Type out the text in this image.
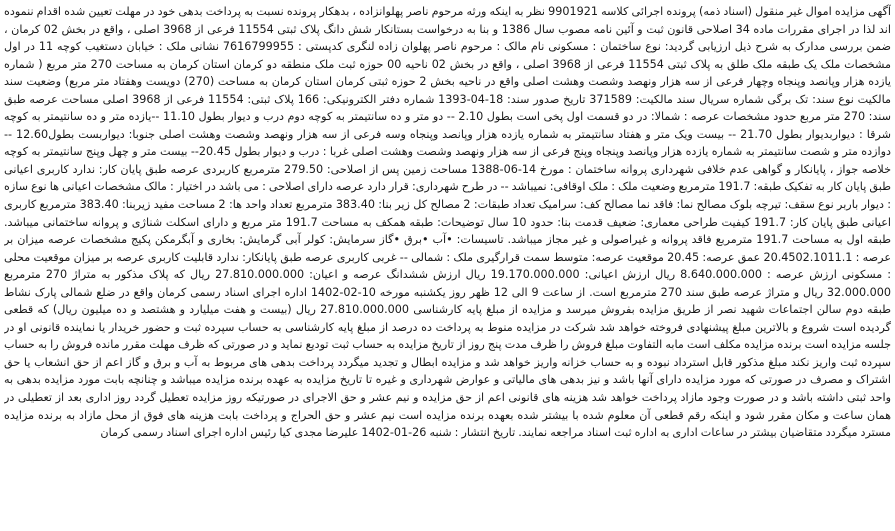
آگهی مزایده اموال غیر منقول (اسناد ذمه) پرونده اجرائی کلاسه 9901921 نظر به اینکه ورثه مرحوم ناصر پهلوانزاده ، بدهکار پرونده نسبت به پرداخت بدهی خود در مهلت تعیین شده اقدام ننموده اند لذا در اجرای مقررات ماده 34 اصلاحی قانون ثبت و آئین نامه مصوب سال 1386 و بنا به درخواست بستانکار شش دانگ پلاک ثبتی 11554 فرعی از 3968 اصلی ، واقع در بخش 02 کرمان ، ضمن بررسی مدارک به شرح ذیل ارزیابی گردید: نوع ساختمان : مسکونی نام مالک : مرحوم ناصر پهلوان زاده لنگری کدپستی : 7616799955 نشانی ملک : خیابان دستغیب کوچه 11 در اول مشخصات ملک یک طبقه ملک طلق به پلاک ثبتی 11554 فرعی از 3968 اصلی ، واقع در بخش 02 ناحیه 00 حوزه ثبت ملک منطقه دو کرمان استان کرمان به مساحت 270 متر مربع ( شماره یازده هزار وپانصد وپنجاه وچهار فرعی از سه هزار ونهصد وشصت وهشت اصلی واقع در ناحیه بخش 2 حوزه ثبتی کرمان استان کرمان به مساحت (270) دویست وهفتاد متر مربع) وضعیت سند مالکیت نوع سند: تک برگی شماره سریال سند مالکیت: 371589 تاریخ صدور سند: 18-04-1393 شماره دفتر الکترونیکی: 166 پلاک ثبتی: 11554 فرعی از 3968 اصلی مساحت عرصه طبق سند: 270 متر مربع حدود مشخصات عرصه : شمالا: در دو قسمت اول پخی است بطول 2.10 -- دو متر و ده سانتیمتر به کوچه دوم درب و دیوار بطول 11.10 --یازده متر و ده سانتیمتر به کوچه شرقا : دیواربدیوار بطول 21.70 -- بیست ویک متر و هفتاد سانتیمتر به شماره یازده هزار وپانصد وپنجاه وسه فرعی از سه هزار ونهصد وشصت وهشت اصلی جنوبا: دیواربست بطول12.60 -- دوازده متر و شصت سانتیمتر به شماره یازده هزار وپانصد وپنجاه وپنج فرعی از سه هزار ونهصد وشصت وهشت اصلی غربا : درب و دیوار بطول 20.45-- بیست متر و چهل وپنج سانتیمتر به کوچه خلاصه جواز ، پایانکار و گواهی عدم خلافی شهرداری پروانه ساختمان : مورخ 14-06-1388 مساحت زمین پس از اصلاحی: 279.50 مترمربع کاربردی عرصه طبق پایان کار: ندارد کاربری اعیانی طبق پایان کار به تفکیک طبقه: 191.7 مترمربع وضعیت ملک : ملک اوقافی: نمیباشد -- در طرح شهرداری: قرار دارد عرصه دارای اصلاحی : می باشد در اختیار : مالک مشخصات اعیانی ها نوع سازه : دیوار باربر نوع سقف: تیرچه بلوک مصالح نما: فاقد نما مصالح کف: سرامیک تعداد طبقات: 2 مصالح کل زیر بنا: 383.40 مترمربع تعداد واحد ها: 2 مساحت مفید زیربنا: 383.40 مترمربع کاربری اعیانی طبق پایان کار: 191.7 کیفیت طراحی معماری: ضعیف قدمت بنا: حدود 10 سال توضیحات: طبقه همکف به مساحت 191.7 متر مربع و دارای اسکلت شناژی و پروانه ساختمانی میباشد. طبقه اول به مساحت 191.7 مترمربع فاقد پروانه و غیراصولی و غیر مجاز میباشد. تاسیسات: •آب •برق •گاز سرمایش: کولر آبی گرمایش: بخاری و آبگرمکن پکیج مشخصات عرصه میزان بر عرصه : 20.4502.1011.1 عمق عرصه: 20.45 موقعیت عرصه: متوسط سمت قرارگیری ملک : شمالی -- غربی کاربری عرصه طبق پایانکار: ندارد قابلیت کاربری عرصه بر میزان موقعیت محلی : مسکونی ارزش عرصه : 8.640.000.000 ریال ارزش اعیانی: 19.170.000.000 ریال ارزش ششدانگ عرصه و اعیان: 27.810.000.000 ریال که پلاک مذکور به متراژ 270 مترمربع 32.000.000 ریال و متراژ عرصه طبق سند 270 مترمربع است. از ساعت 9 الی 12 ظهر روز یکشنبه مورخه 10-02-1402 اداره اجرای اسناد رسمی کرمان واقع در ضلع شمالی پارک نشاط طبقه دوم سالن اجتماعات شهید نصر از طریق مزایده بفروش میرسد و مزایده از مبلغ پایه کارشناسی 27.810.000.000 ریال (بیست و هفت میلیارد و هشتصد و ده میلیون ریال) که قطعی گردیده است شروع و بالاترین مبلغ پیشنهادی فروخته خواهد شد شرکت در مزایده منوط به پرداخت ده درصد از مبلغ پایه کارشناسی به حساب سپرده ثبت و حضور خریدار یا نماینده قانونی او در جلسه مزایده است برنده مزایده مکلف است مابه التفاوت مبلغ فروش را ظرف مدت پنج روز از تاریخ مزایده به حساب ثبت تودیع نماید و در صورتی که ظرف مهلت مقرر مانده فروش را به حساب سپرده ثبت واریز نکند مبلغ مذکور قابل استرداد نبوده و به حساب خزانه واریز خواهد شد و مزایده ابطال و تجدید میگردد پرداخت بدهی های مربوط به آب و برق و گاز اعم از حق انشعاب یا حق اشتراک و مصرف در صورتی که مورد مزایده دارای آنها باشد و نیز بدهی های مالیاتی و عوارض شهرداری و غیره تا تاریخ مزایده به عهده برنده مزایده میباشد و چنانچه بابت مورد مزایده بدهی به واحد ثبتی داشته باشد و در صورت وجود مازاد پرداخت خواهد شد هزینه های قانونی اعم از حق مزایده و نیم عشر و حق الاجرای در صورتیکه روز مزایده تعطیل گردد روز اداری بعد از تعطیلی در همان ساعت و مکان مقرر شود و اینکه رقم قطعی آن معلوم شده با بیشتر شده بعهده برنده مزایده است نیم عشر و حق الحراج و پرداخت بابت هزینه های فوق از محل مازاد به برنده مزایده مسترد میگردد متقاضیان بیشتر در ساعات اداری به اداره ثبت اسناد مراجعه نمایند. تاریخ انتشار : شنبه 26-01-1402 علیرضا مجدی کیا رئیس اداره اجرای اسناد رسمی کرمان
